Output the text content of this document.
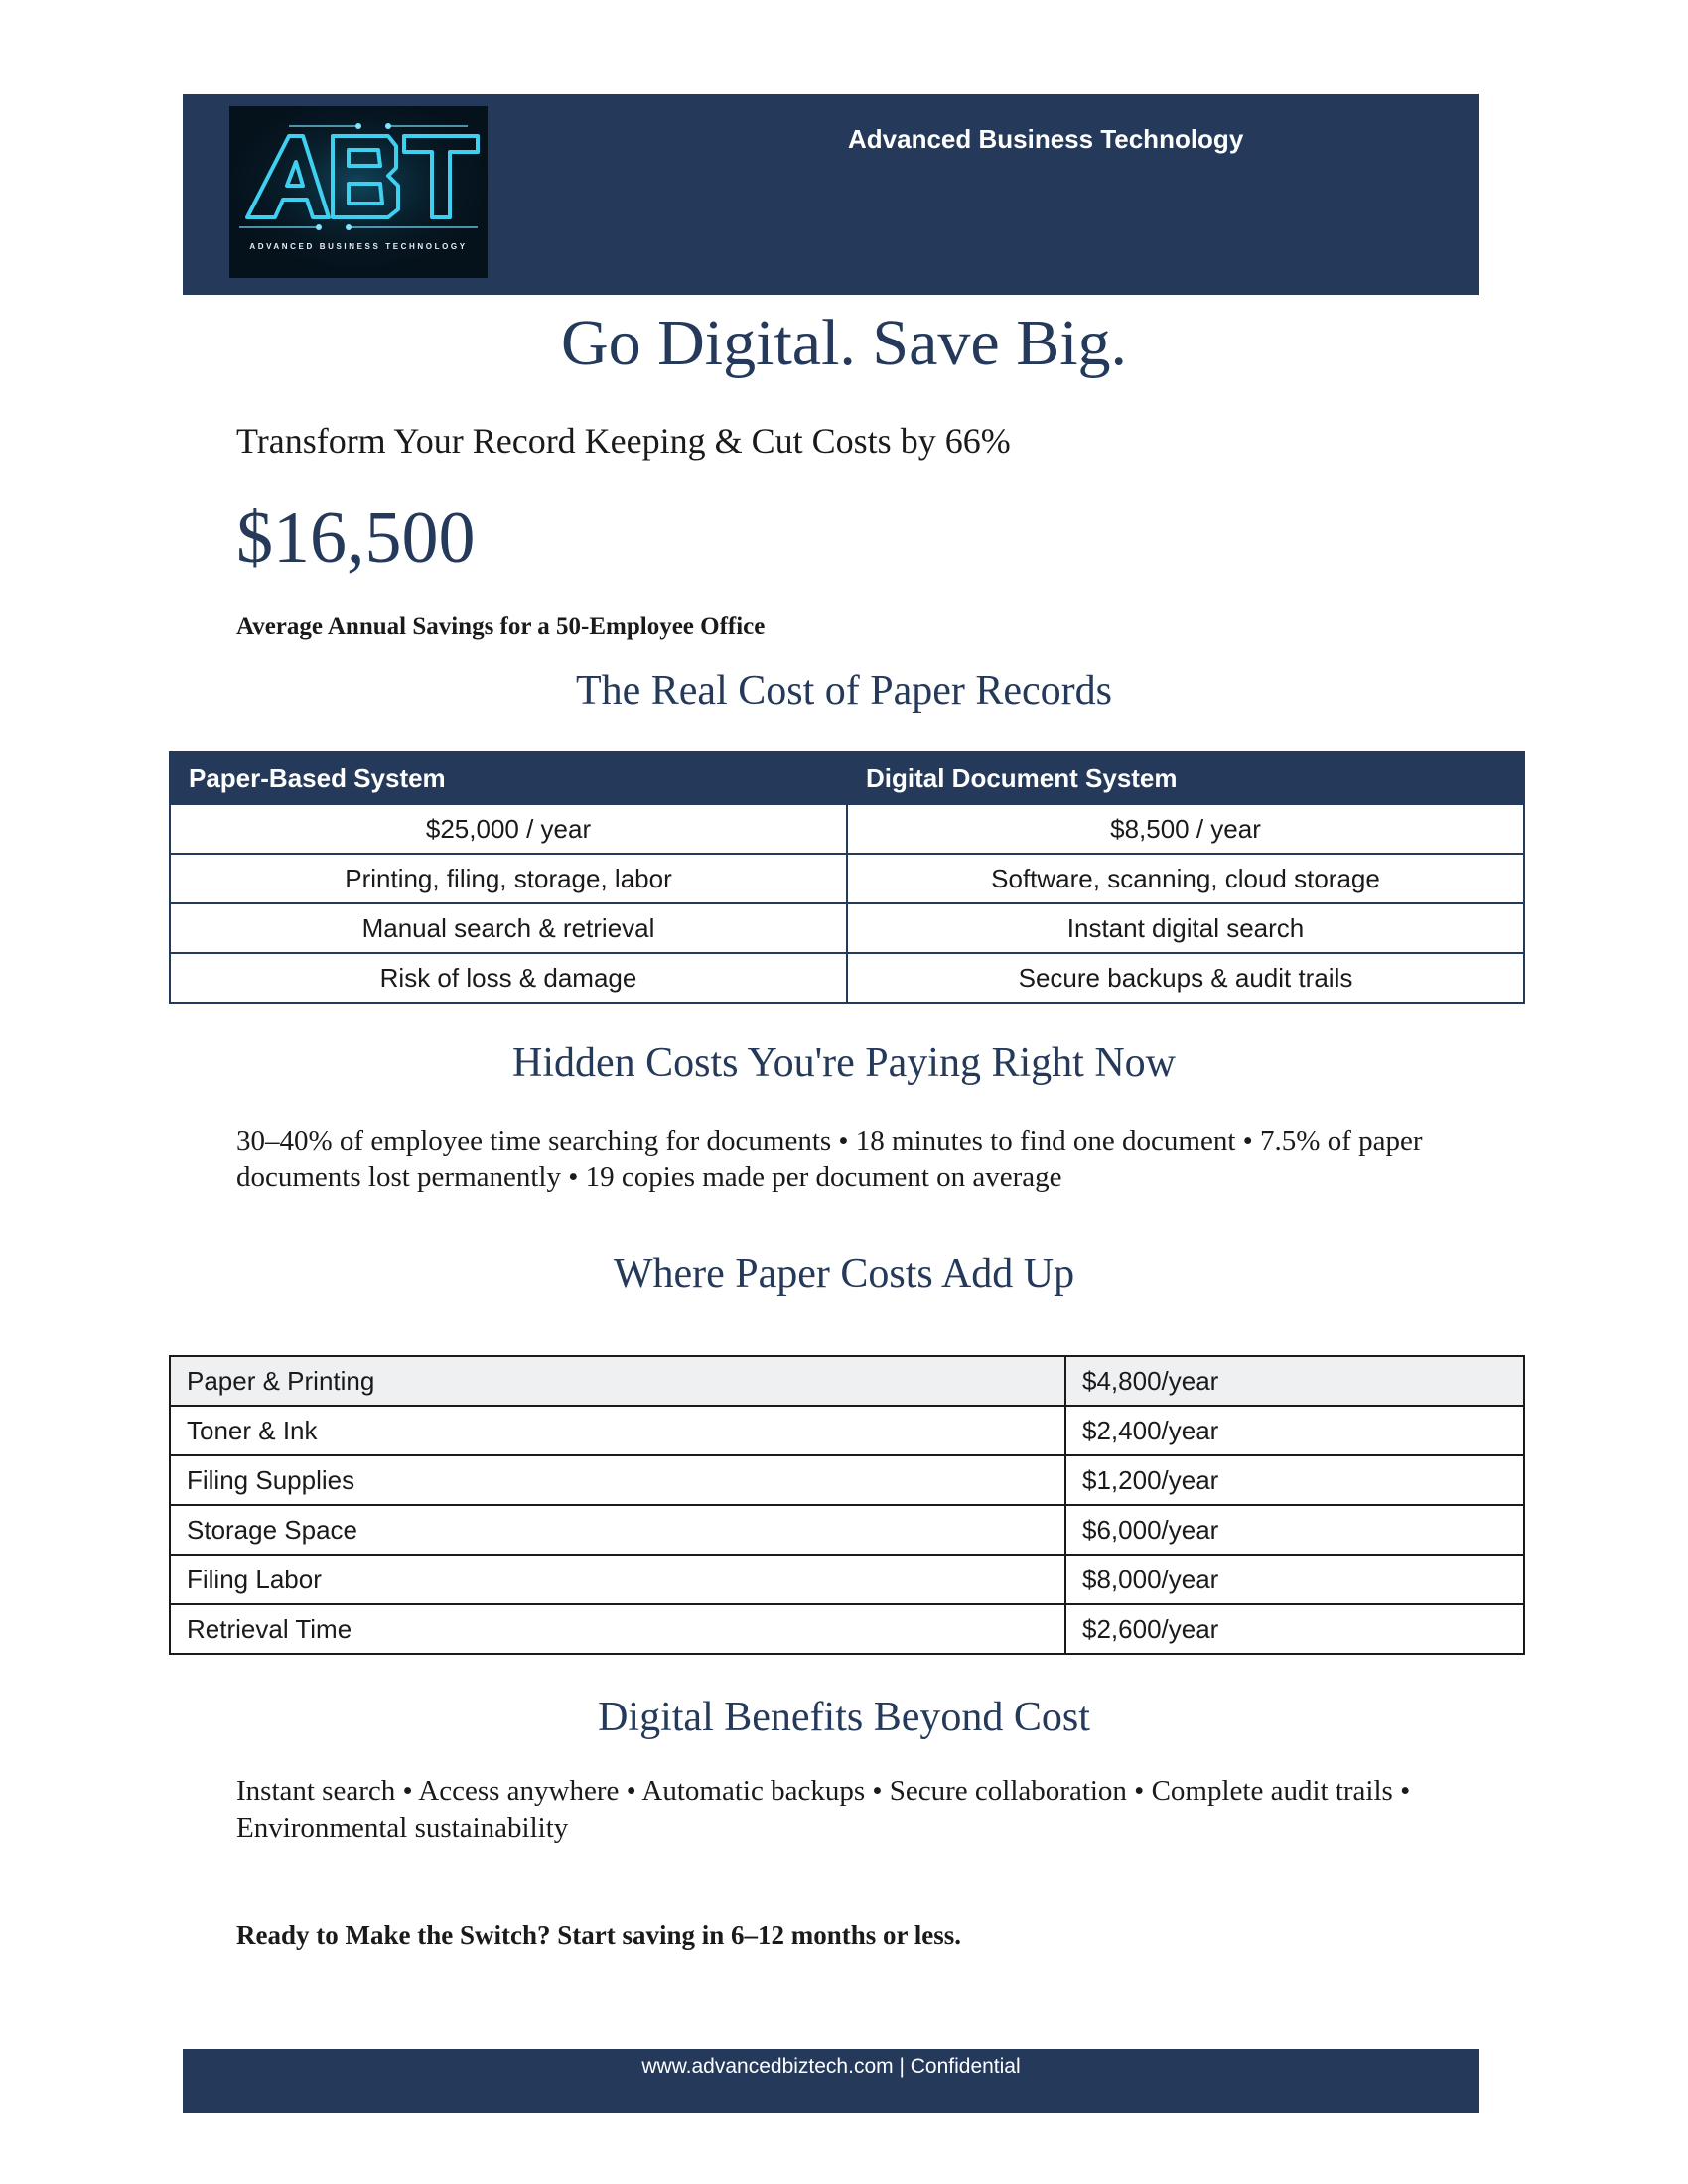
ADVANCED BUSINESS TECHNOLOGY
Advanced Business Technology
Go Digital. Save Big.
Transform Your Record Keeping & Cut Costs by 66%
$16,500
Average Annual Savings for a 50-Employee Office
The Real Cost of Paper Records
Paper-Based System	Digital Document System
$25,000 / year	$8,500 / year
Printing, filing, storage, labor	Software, scanning, cloud storage
Manual search & retrieval	Instant digital search
Risk of loss & damage	Secure backups & audit trails
Hidden Costs You're Paying Right Now
30–40% of employee time searching for documents • 18 minutes to find one document • 7.5% of paper documents lost permanently • 19 copies made per document on average
Where Paper Costs Add Up
Paper & Printing	$4,800/year
Toner & Ink	$2,400/year
Filing Supplies	$1,200/year
Storage Space	$6,000/year
Filing Labor	$8,000/year
Retrieval Time	$2,600/year
Digital Benefits Beyond Cost
Instant search • Access anywhere • Automatic backups • Secure collaboration • Complete audit trails • Environmental sustainability
Ready to Make the Switch? Start saving in 6–12 months or less.
www.advancedbiztech.com | Confidential
